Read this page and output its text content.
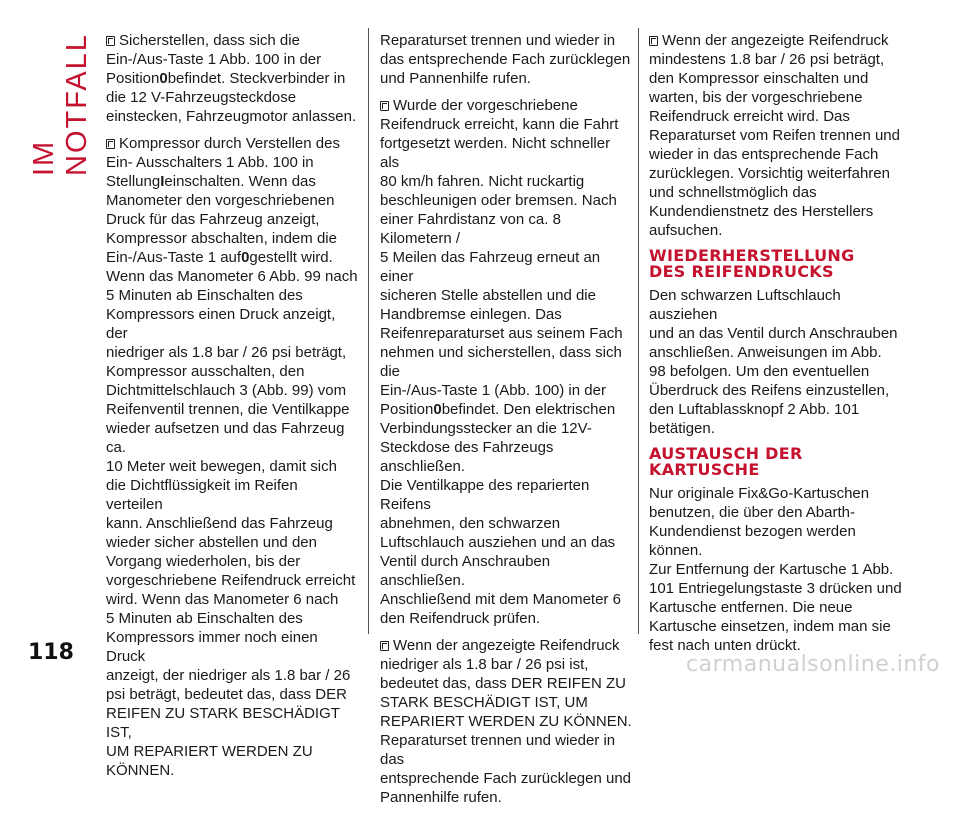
IM NOTFALL	Sicherstellen, dass sich die
Ein-/Aus-Taste 1 Abb. 100 in der
Position0befindet. Steckverbinder in
die 12 V-Fahrzeugsteckdose
einstecken, Fahrzeugmotor anlassen.

Kompressor durch Verstellen des
Ein- Ausschalters 1 Abb. 100 in
StellungIeinschalten. Wenn das
Manometer den vorgeschriebenen
Druck für das Fahrzeug anzeigt,
Kompressor abschalten, indem die
Ein-/Aus-Taste 1 auf0gestellt wird.
Wenn das Manometer 6 Abb. 99 nach
5 Minuten ab Einschalten des
Kompressors einen Druck anzeigt, der
niedriger als 1.8 bar / 26 psi beträgt,
Kompressor ausschalten, den
Dichtmittelschlauch 3 (Abb. 99) vom
Reifenventil trennen, die Ventilkappe
wieder aufsetzen und das Fahrzeug ca.
10 Meter weit bewegen, damit sich
die Dichtflüssigkeit im Reifen verteilen
kann. Anschließend das Fahrzeug
wieder sicher abstellen und den
Vorgang wiederholen, bis der
vorgeschriebene Reifendruck erreicht
wird. Wenn das Manometer 6 nach
5 Minuten ab Einschalten des
Kompressors immer noch einen Druck
anzeigt, der niedriger als 1.8 bar / 26
psi beträgt, bedeutet das, dass DER
REIFEN ZU STARK BESCHÄDIGT IST,
UM REPARIERT WERDEN ZU
KÖNNEN.

Reparaturset trennen und wieder in
das entsprechende Fach zurücklegen
und Pannenhilfe rufen.

Wurde der vorgeschriebene
Reifendruck erreicht, kann die Fahrt
fortgesetzt werden. Nicht schneller als
80 km/h fahren. Nicht ruckartig
beschleunigen oder bremsen. Nach
einer Fahrdistanz von ca. 8 Kilometern /
5 Meilen das Fahrzeug erneut an einer
sicheren Stelle abstellen und die
Handbremse einlegen. Das
Reifenreparaturset aus seinem Fach
nehmen und sicherstellen, dass sich die
Ein-/Aus-Taste 1 (Abb. 100) in der
Position0befindet. Den elektrischen
Verbindungsstecker an die 12V-
Steckdose des Fahrzeugs anschließen.
Die Ventilkappe des reparierten Reifens
abnehmen, den schwarzen
Luftschlauch ausziehen und an das
Ventil durch Anschrauben anschließen.
Anschließend mit dem Manometer 6
den Reifendruck prüfen.

Wenn der angezeigte Reifendruck
niedriger als 1.8 bar / 26 psi ist,
bedeutet das, dass DER REIFEN ZU
STARK BESCHÄDIGT IST, UM
REPARIERT WERDEN ZU KÖNNEN.
Reparaturset trennen und wieder in das
entsprechende Fach zurücklegen und
Pannenhilfe rufen.

Wenn der angezeigte Reifendruck
mindestens 1.8 bar / 26 psi beträgt,
den Kompressor einschalten und
warten, bis der vorgeschriebene
Reifendruck erreicht wird. Das
Reparaturset vom Reifen trennen und
wieder in das entsprechende Fach
zurücklegen. Vorsichtig weiterfahren
und schnellstmöglich das
Kundendienstnetz des Herstellers
aufsuchen.

WIEDERHERSTELLUNG
DES REIFENDRUCKS

Den schwarzen Luftschlauch ausziehen
und an das Ventil durch Anschrauben
anschließen. Anweisungen im Abb.
98 befolgen. Um den eventuellen
Überdruck des Reifens einzustellen,
den Luftablassknopf 2 Abb. 101
betätigen.

AUSTAUSCH DER
KARTUSCHE

Nur originale Fix&Go-Kartuschen
benutzen, die über den Abarth-
Kundendienst bezogen werden können.
Zur Entfernung der Kartusche 1 Abb.
101 Entriegelungstaste 3 drücken und
Kartusche entfernen. Die neue
Kartusche einsetzen, indem man sie
fest nach unten drückt.

118	carmanualsonline.info
